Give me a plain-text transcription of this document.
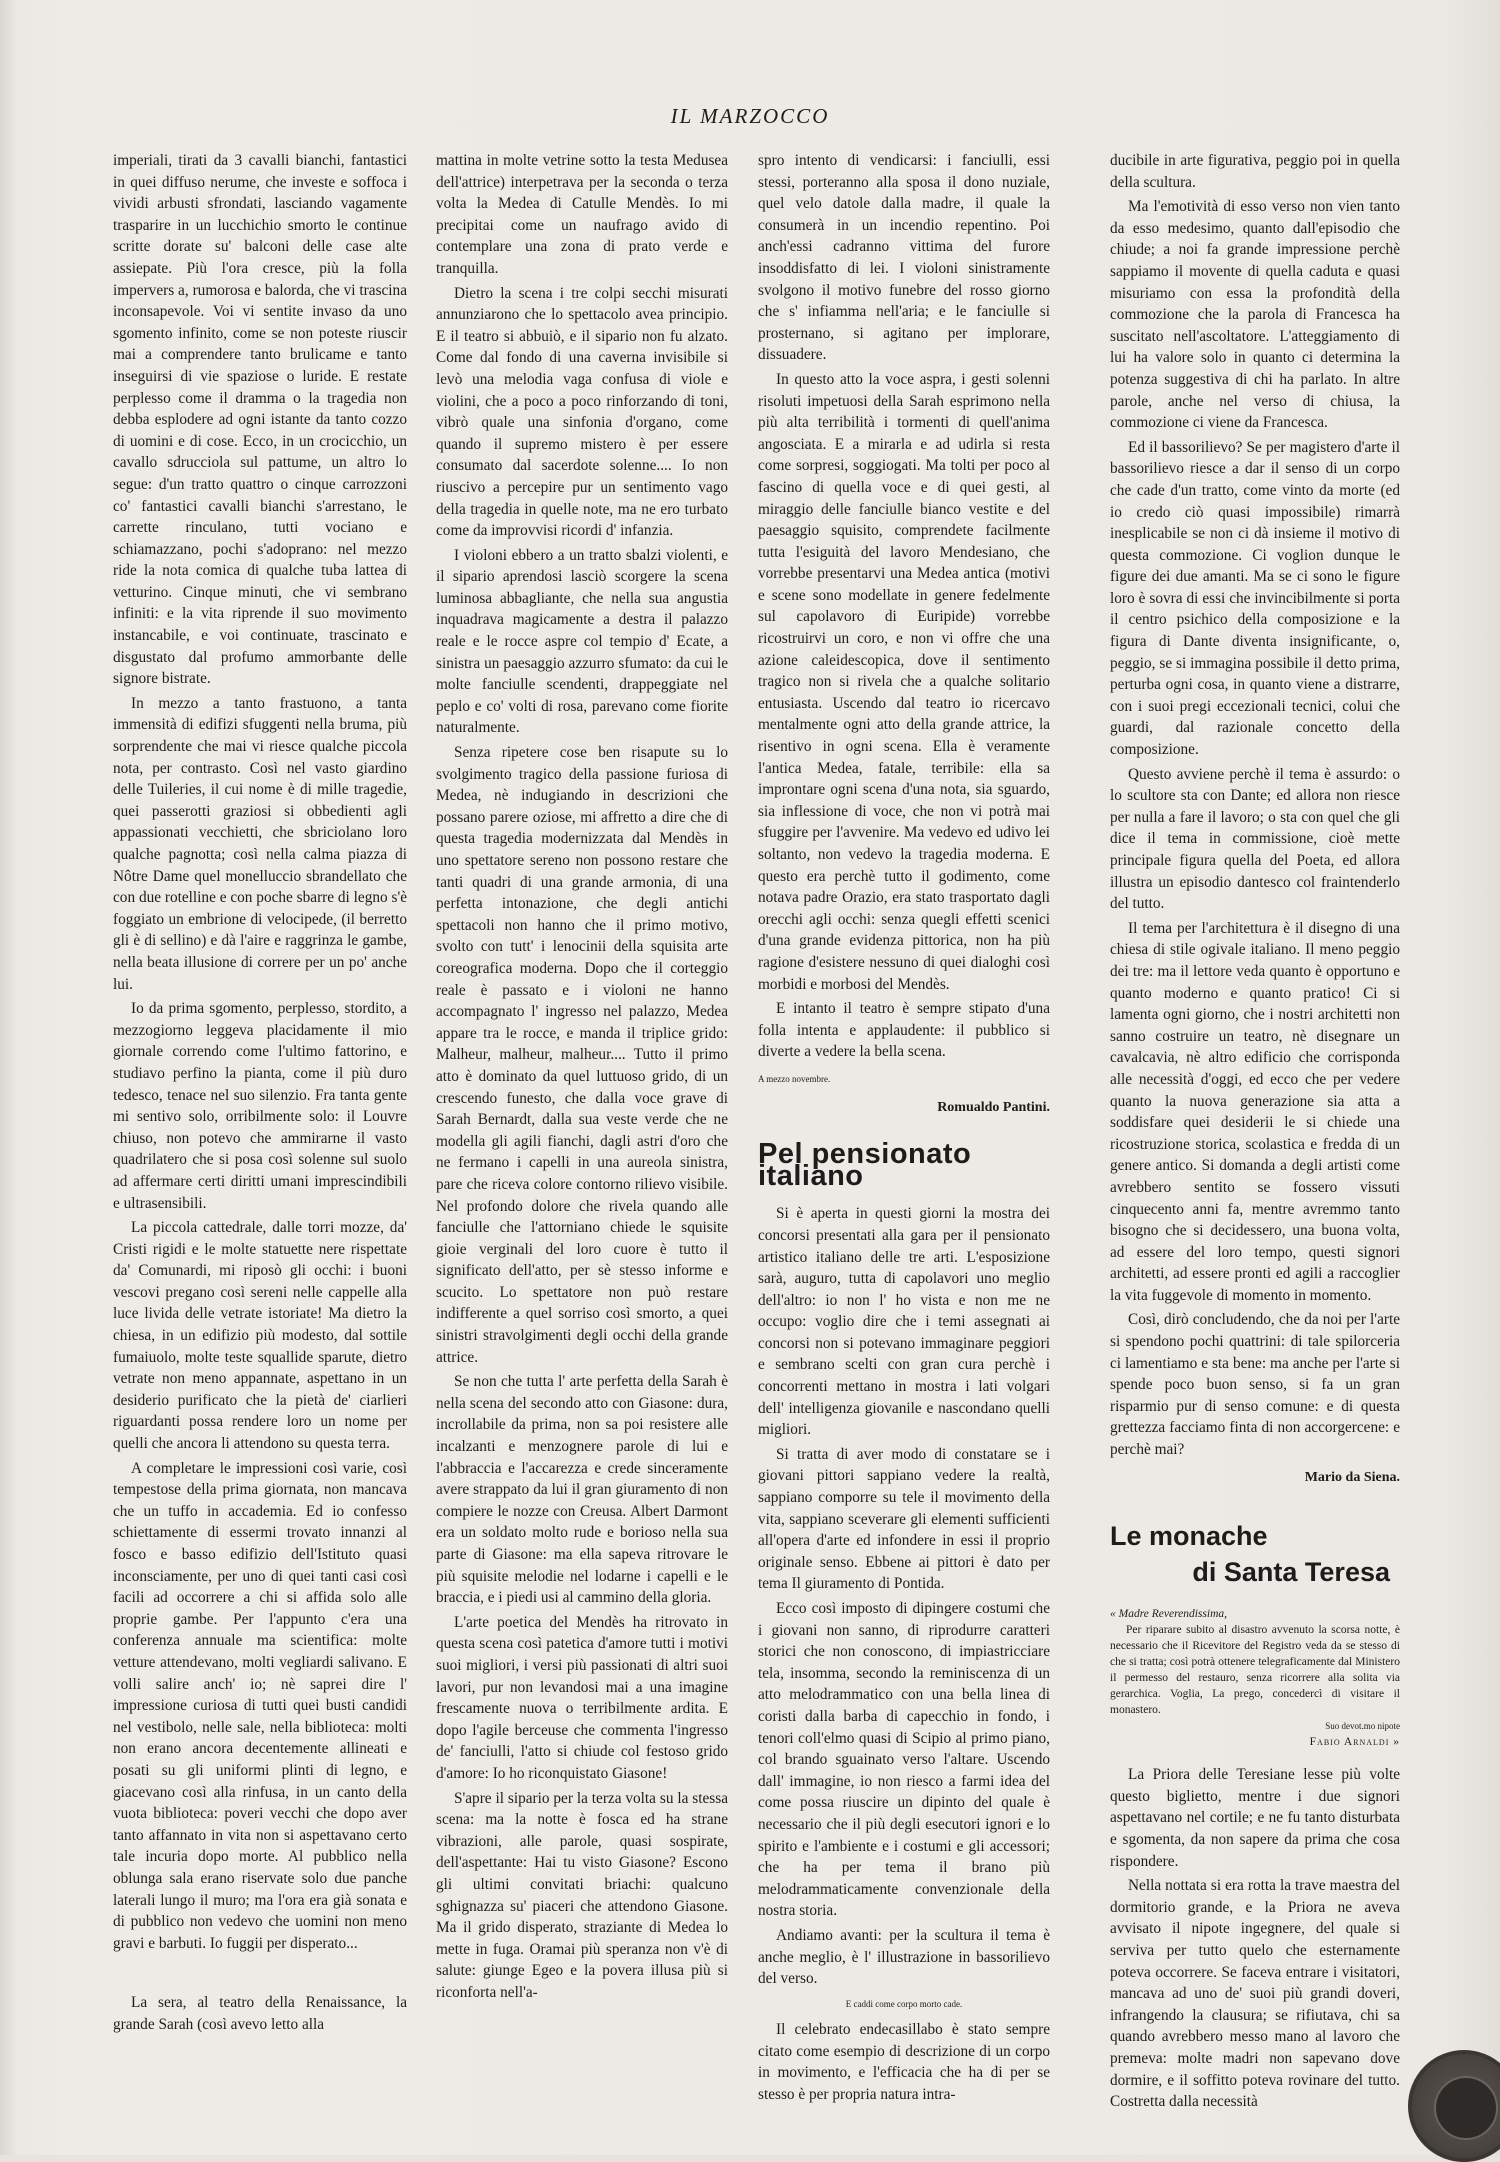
IL MARZOCCO

imperiali, tirati da 3 cavalli bianchi, fantastici in quei diffuso nerume, che investe e soffoca i vividi arbusti sfrondati, lasciando vagamente trasparire in un lucchichio smorto le continue scritte dorate su' balconi delle case alte assiepate. Più l'ora cresce, più la folla impervers a, rumorosa e balorda, che vi trascina inconsapevole. Voi vi sentite invaso da uno sgomento infinito, come se non poteste riuscir mai a comprendere tanto brulicame e tanto inseguirsi di vie spaziose o luride. E restate perplesso come il dramma o la tragedia non debba esplodere ad ogni istante da tanto cozzo di uomini e di cose. Ecco, in un crocicchio, un cavallo sdrucciola sul pattume, un altro lo segue: d'un tratto quattro o cinque carrozzoni co' fantastici cavalli bianchi s'arrestano, le carrette rinculano, tutti vociano e schiamazzano, pochi s'adoprano: nel mezzo ride la nota comica di qualche tuba lattea di vetturino. Cinque minuti, che vi sembrano infiniti: e la vita riprende il suo movimento instancabile, e voi continuate, trascinato e disgustato dal profumo ammorbante delle signore bistrate.

In mezzo a tanto frastuono, a tanta immensità di edifizi sfuggenti nella bruma, più sorprendente che mai vi riesce qualche piccola nota, per contrasto. Così nel vasto giardino delle Tuileries, il cui nome è di mille tragedie, quei passerotti graziosi si obbedienti agli appassionati vecchietti, che sbriciolano loro qualche pagnotta; così nella calma piazza di Nôtre Dame quel monelluccio sbrandellato che con due rotelline e con poche sbarre di legno s'è foggiato un embrione di velocipede, (il berretto gli è di sellino) e dà l'aire e raggrinza le gambe, nella beata illusione di correre per un po' anche lui.

Io da prima sgomento, perplesso, stordito, a mezzogiorno leggeva placidamente il mio giornale correndo come l'ultimo fattorino, e studiavo perfino la pianta, come il più duro tedesco, tenace nel suo silenzio. Fra tanta gente mi sentivo solo, orribilmente solo: il Louvre chiuso, non potevo che ammirarne il vasto quadrilatero che si posa così solenne sul suolo ad affermare certi diritti umani imprescindibili e ultrasensibili.

La piccola cattedrale, dalle torri mozze, da' Cristi rigidi e le molte statuette nere rispettate da' Comunardi, mi riposò gli occhi: i buoni vescovi pregano così sereni nelle cappelle alla luce livida delle vetrate istoriate! Ma dietro la chiesa, in un edifizio più modesto, dal sottile fumaiuolo, molte teste squallide sparute, dietro vetrate non meno appannate, aspettano in un desiderio purificato che la pietà de' ciarlieri riguardanti possa rendere loro un nome per quelli che ancora li attendono su questa terra.

A completare le impressioni così varie, così tempestose della prima giornata, non mancava che un tuffo in accademia. Ed io confesso schiettamente di essermi trovato innanzi al fosco e basso edifizio dell'Istituto quasi inconsciamente, per uno di quei tanti casi così facili ad occorrere a chi si affida solo alle proprie gambe. Per l'appunto c'era una conferenza annuale ma scientifica: molte vetture attendevano, molti vegliardi salivano. E volli salire anch' io; nè saprei dire l' impressione curiosa di tutti quei busti candidi nel vestibolo, nelle sale, nella biblioteca: molti non erano ancora decentemente allineati e posati su gli uniformi plinti di legno, e giacevano così alla rinfusa, in un canto della vuota biblioteca: poveri vecchi che dopo aver tanto affannato in vita non si aspettavano certo tale incuria dopo morte. Al pubblico nella oblunga sala erano riservate solo due panche laterali lungo il muro; ma l'ora era già sonata e di pubblico non vedevo che uomini non meno gravi e barbuti. Io fuggii per disperato...

La sera, al teatro della Renaissance, la grande Sarah (così avevo letto alla

mattina in molte vetrine sotto la testa Medusea dell'attrice) interpetrava per la seconda o terza volta la Medea di Catulle Mendès. Io mi precipitai come un naufrago avido di contemplare una zona di prato verde e tranquilla.

Dietro la scena i tre colpi secchi misurati annunziarono che lo spettacolo avea principio. E il teatro si abbuiò, e il sipario non fu alzato. Come dal fondo di una caverna invisibile si levò una melodia vaga confusa di viole e violini, che a poco a poco rinforzando di toni, vibrò quale una sinfonia d'organo, come quando il supremo mistero è per essere consumato dal sacerdote solenne.... Io non riuscivo a percepire pur un sentimento vago della tragedia in quelle note, ma ne ero turbato come da improvvisi ricordi d' infanzia.

I violoni ebbero a un tratto sbalzi violenti, e il sipario aprendosi lasciò scorgere la scena luminosa abbagliante, che nella sua angustia inquadrava magicamente a destra il palazzo reale e le rocce aspre col tempio d' Ecate, a sinistra un paesaggio azzurro sfumato: da cui le molte fanciulle scendenti, drappeggiate nel peplo e co' volti di rosa, parevano come fiorite naturalmente.

Senza ripetere cose ben risapute su lo svolgimento tragico della passione furiosa di Medea, nè indugiando in descrizioni che possano parere oziose, mi affretto a dire che di questa tragedia modernizzata dal Mendès in uno spettatore sereno non possono restare che tanti quadri di una grande armonia, di una perfetta intonazione, che degli antichi spettacoli non hanno che il primo motivo, svolto con tutt' i lenocinii della squisita arte coreografica moderna. Dopo che il corteggio reale è passato e i violoni ne hanno accompagnato l' ingresso nel palazzo, Medea appare tra le rocce, e manda il triplice grido: Malheur, malheur, malheur.... Tutto il primo atto è dominato da quel luttuoso grido, di un crescendo funesto, che dalla voce grave di Sarah Bernardt, dalla sua veste verde che ne modella gli agili fianchi, dagli astri d'oro che ne fermano i capelli in una aureola sinistra, pare che riceva colore contorno rilievo visibile. Nel profondo dolore che rivela quando alle fanciulle che l'attorniano chiede le squisite gioie verginali del loro cuore è tutto il significato dell'atto, per sè stesso informe e scucito. Lo spettatore non può restare indifferente a quel sorriso così smorto, a quei sinistri stravolgimenti degli occhi della grande attrice.

Se non che tutta l' arte perfetta della Sarah è nella scena del secondo atto con Giasone: dura, incrollabile da prima, non sa poi resistere alle incalzanti e menzognere parole di lui e l'abbraccia e l'accarezza e crede sinceramente avere strappato da lui il gran giuramento di non compiere le nozze con Creusa. Albert Darmont era un soldato molto rude e borioso nella sua parte di Giasone: ma ella sapeva ritrovare le più squisite melodie nel lodarne i capelli e le braccia, e i piedi usi al cammino della gloria.

L'arte poetica del Mendès ha ritrovato in questa scena così patetica d'amore tutti i motivi suoi migliori, i versi più passionati di altri suoi lavori, pur non levandosi mai a una imagine frescamente nuova o terribilmente ardita. E dopo l'agile berceuse che commenta l'ingresso de' fanciulli, l'atto si chiude col festoso grido d'amore: Io ho riconquistato Giasone!

S'apre il sipario per la terza volta su la stessa scena: ma la notte è fosca ed ha strane vibrazioni, alle parole, quasi sospirate, dell'aspettante: Hai tu visto Giasone? Escono gli ultimi convitati briachi: qualcuno sghignazza su' piaceri che attendono Giasone. Ma il grido disperato, straziante di Medea lo mette in fuga. Oramai più speranza non v'è di salute: giunge Egeo e la povera illusa più si riconforta nell'a-

spro intento di vendicarsi: i fanciulli, essi stessi, porteranno alla sposa il dono nuziale, quel velo datole dalla madre, il quale la consumerà in un incendio repentino. Poi anch'essi cadranno vittima del furore insoddisfatto di lei. I violoni sinistramente svolgono il motivo funebre del rosso giorno che s' infiamma nell'aria; e le fanciulle si prosternano, si agitano per implorare, dissuadere.

In questo atto la voce aspra, i gesti solenni risoluti impetuosi della Sarah esprimono nella più alta terribilità i tormenti di quell'anima angosciata. E a mirarla e ad udirla si resta come sorpresi, soggiogati. Ma tolti per poco al fascino di quella voce e di quei gesti, al miraggio delle fanciulle bianco vestite e del paesaggio squisito, comprendete facilmente tutta l'esiguità del lavoro Mendesiano, che vorrebbe presentarvi una Medea antica (motivi e scene sono modellate in genere fedelmente sul capolavoro di Euripide) vorrebbe ricostruirvi un coro, e non vi offre che una azione caleidescopica, dove il sentimento tragico non si rivela che a qualche solitario entusiasta. Uscendo dal teatro io ricercavo mentalmente ogni atto della grande attrice, la risentivo in ogni scena. Ella è veramente l'antica Medea, fatale, terribile: ella sa improntare ogni scena d'una nota, sia sguardo, sia inflessione di voce, che non vi potrà mai sfuggire per l'avvenire. Ma vedevo ed udivo lei soltanto, non vedevo la tragedia moderna. E questo era perchè tutto il godimento, come notava padre Orazio, era stato trasportato dagli orecchi agli occhi: senza quegli effetti scenici d'una grande evidenza pittorica, non ha più ragione d'esistere nessuno di quei dialoghi così morbidi e morbosi del Mendès.

E intanto il teatro è sempre stipato d'una folla intenta e applaudente: il pubblico si diverte a vedere la bella scena.

A mezzo novembre.
Romualdo Pantini.
Pel pensionato italiano

Si è aperta in questi giorni la mostra dei concorsi presentati alla gara per il pensionato artistico italiano delle tre arti. L'esposizione sarà, auguro, tutta di capolavori uno meglio dell'altro: io non l' ho vista e non me ne occupo: voglio dire che i temi assegnati ai concorsi non si potevano immaginare peggiori e sembrano scelti con gran cura perchè i concorrenti mettano in mostra i lati volgari dell' intelligenza giovanile e nascondano quelli migliori.

Si tratta di aver modo di constatare se i giovani pittori sappiano vedere la realtà, sappiano comporre su tele il movimento della vita, sappiano sceverare gli elementi sufficienti all'opera d'arte ed infondere in essi il proprio originale senso. Ebbene ai pittori è dato per tema Il giuramento di Pontida.

Ecco così imposto di dipingere costumi che i giovani non sanno, di riprodurre caratteri storici che non conoscono, di impiastricciare tela, insomma, secondo la reminiscenza di un atto melodrammatico con una bella linea di coristi dalla barba di capecchio in fondo, i tenori coll'elmo quasi di Scipio al primo piano, col brando sguainato verso l'altare. Uscendo dall' immagine, io non riesco a farmi idea del come possa riuscire un dipinto del quale è necessario che il più degli esecutori ignori e lo spirito e l'ambiente e i costumi e gli accessori; che ha per tema il brano più melodrammaticamente convenzionale della nostra storia.

Andiamo avanti: per la scultura il tema è anche meglio, è l' illustrazione in bassorilievo del verso.

E caddi come corpo morto cade.

Il celebrato endecasillabo è stato sempre citato come esempio di descrizione di un corpo in movimento, e l'efficacia che ha di per se stesso è per propria natura intra-

ducibile in arte figurativa, peggio poi in quella della scultura.

Ma l'emotività di esso verso non vien tanto da esso medesimo, quanto dall'episodio che chiude; a noi fa grande impressione perchè sappiamo il movente di quella caduta e quasi misuriamo con essa la profondità della commozione che la parola di Francesca ha suscitato nell'ascoltatore. L'atteggiamento di lui ha valore solo in quanto ci determina la potenza suggestiva di chi ha parlato. In altre parole, anche nel verso di chiusa, la commozione ci viene da Francesca.

Ed il bassorilievo? Se per magistero d'arte il bassorilievo riesce a dar il senso di un corpo che cade d'un tratto, come vinto da morte (ed io credo ciò quasi impossibile) rimarrà inesplicabile se non ci dà insieme il motivo di questa commozione. Ci voglion dunque le figure dei due amanti. Ma se ci sono le figure loro è sovra di essi che invincibilmente si porta il centro psichico della composizione e la figura di Dante diventa insignificante, o, peggio, se si immagina possibile il detto prima, perturba ogni cosa, in quanto viene a distrarre, con i suoi pregi eccezionali tecnici, colui che guardi, dal razionale concetto della composizione.

Questo avviene perchè il tema è assurdo: o lo scultore sta con Dante; ed allora non riesce per nulla a fare il lavoro; o sta con quel che gli dice il tema in commissione, cioè mette principale figura quella del Poeta, ed allora illustra un episodio dantesco col fraintenderlo del tutto.

Il tema per l'architettura è il disegno di una chiesa di stile ogivale italiano. Il meno peggio dei tre: ma il lettore veda quanto è opportuno e quanto moderno e quanto pratico! Ci si lamenta ogni giorno, che i nostri architetti non sanno costruire un teatro, nè disegnare un cavalcavia, nè altro edificio che corrisponda alle necessità d'oggi, ed ecco che per vedere quanto la nuova generazione sia atta a soddisfare quei desiderii le si chiede una ricostruzione storica, scolastica e fredda di un genere antico. Si domanda a degli artisti come avrebbero sentito se fossero vissuti cinquecento anni fa, mentre avremmo tanto bisogno che si decidessero, una buona volta, ad essere del loro tempo, questi signori architetti, ad essere pronti ed agili a raccoglier la vita fuggevole di momento in momento.

Così, dirò concludendo, che da noi per l'arte si spendono pochi quattrini: di tale spilorceria ci lamentiamo e sta bene: ma anche per l'arte si spende poco buon senso, si fa un gran risparmio pur di senso comune: e di questa grettezza facciamo finta di non accorgercene: e perchè mai?

Mario da Siena.
Le monache
di Santa Teresa
« Madre Reverendissima,
Per riparare subito al disastro avvenuto la scorsa notte, è necessario che il Ricevitore del Registro veda da se stesso di che si tratta; così potrà ottenere telegraficamente dal Ministero il permesso del restauro, senza ricorrere alla solita via gerarchica. Voglia, La prego, concedercì di visitare il monastero.
Suo devot.mo nipote
Fabio Arnaldi »

La Priora delle Teresiane lesse più volte questo biglietto, mentre i due signori aspettavano nel cortile; e ne fu tanto disturbata e sgomenta, da non sapere da prima che cosa rispondere.

Nella nottata si era rotta la trave maestra del dormitorio grande, e la Priora ne aveva avvisato il nipote ingegnere, del quale si serviva per tutto quelo che esternamente poteva occorrere. Se faceva entrare i visitatori, mancava ad uno de' suoi più grandi doveri, infrangendo la clausura; se rifiutava, chi sa quando avrebbero messo mano al lavoro che premeva: molte madri non sapevano dove dormire, e il soffitto poteva rovinare del tutto. Costretta dalla necessità
